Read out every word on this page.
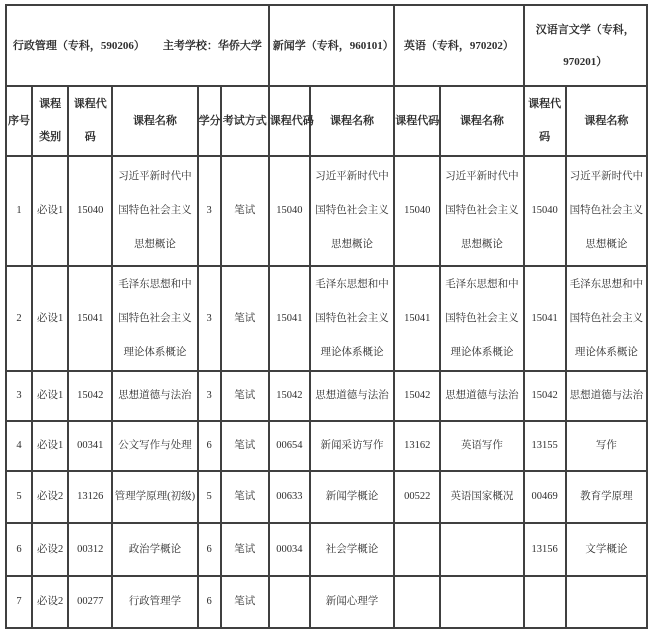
行政管理（专科，590206） 主考学校：华侨大学						新闻学（专科，960101）		英语（专科，970202）		汉语言文学（专科，970201）	
序号	课程类别	课程代码	课程名称	学分	考试方式	课程代码	课程名称	课程代码	课程名称	课程代码	课程名称
1	必设1	15040	习近平新时代中国特色社会主义思想概论	3	笔试	15040	习近平新时代中国特色社会主义思想概论	15040	习近平新时代中国特色社会主义思想概论	15040	习近平新时代中国特色社会主义思想概论
2	必设1	15041	毛泽东思想和中国特色社会主义理论体系概论	3	笔试	15041	毛泽东思想和中国特色社会主义理论体系概论	15041	毛泽东思想和中国特色社会主义理论体系概论	15041	毛泽东思想和中国特色社会主义理论体系概论
3	必设1	15042	思想道德与法治	3	笔试	15042	思想道德与法治	15042	思想道德与法治	15042	思想道德与法治
4	必设1	00341	公文写作与处理	6	笔试	00654	新闻采访写作	13162	英语写作	13155	写作
5	必设2	13126	管理学原理(初级)	5	笔试	00633	新闻学概论	00522	英语国家概况	00469	教育学原理
6	必设2	00312	政治学概论	6	笔试	00034	社会学概论			13156	文学概论
7	必设2	00277	行政管理学	6	笔试		新闻心理学				
